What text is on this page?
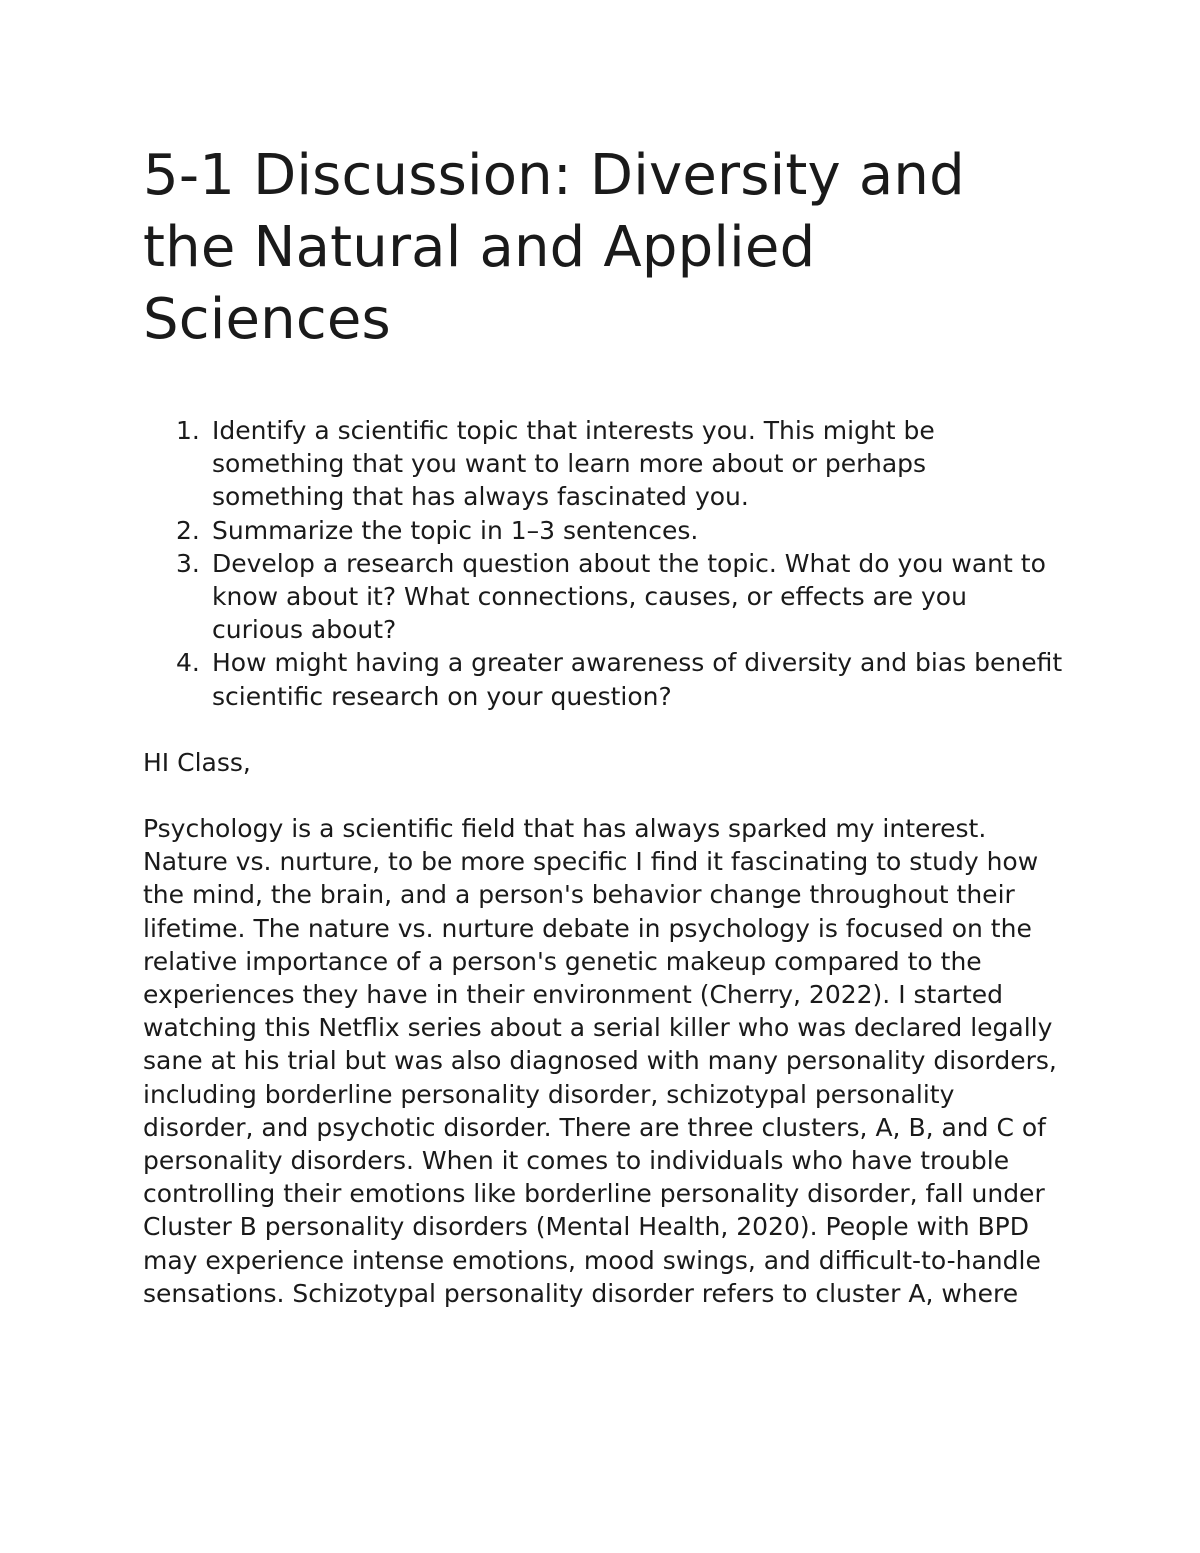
5-1 Discussion: Diversity and the Natural and Applied Sciences
1. Identify a scientific topic that interests you. This might be something that you want to learn more about or perhaps something that has always fascinated you.
2. Summarize the topic in 1–3 sentences.
3. Develop a research question about the topic. What do you want to know about it? What connections, causes, or effects are you curious about?
4. How might having a greater awareness of diversity and bias benefit scientific research on your question?

HI Class,

Psychology is a scientific field that has always sparked my interest. Nature vs. nurture, to be more specific I find it fascinating to study how the mind, the brain, and a person's behavior change throughout their lifetime. The nature vs. nurture debate in psychology is focused on the relative importance of a person's genetic makeup compared to the experiences they have in their environment (Cherry, 2022). I started watching this Netflix series about a serial killer who was declared legally sane at his trial but was also diagnosed with many personality disorders, including borderline personality disorder, schizotypal personality disorder, and psychotic disorder. There are three clusters, A, B, and C of personality disorders. When it comes to individuals who have trouble controlling their emotions like borderline personality disorder, fall under Cluster B personality disorders (Mental Health, 2020). People with BPD may experience intense emotions, mood swings, and difficult-to-handle sensations. Schizotypal personality disorder refers to cluster A, where
